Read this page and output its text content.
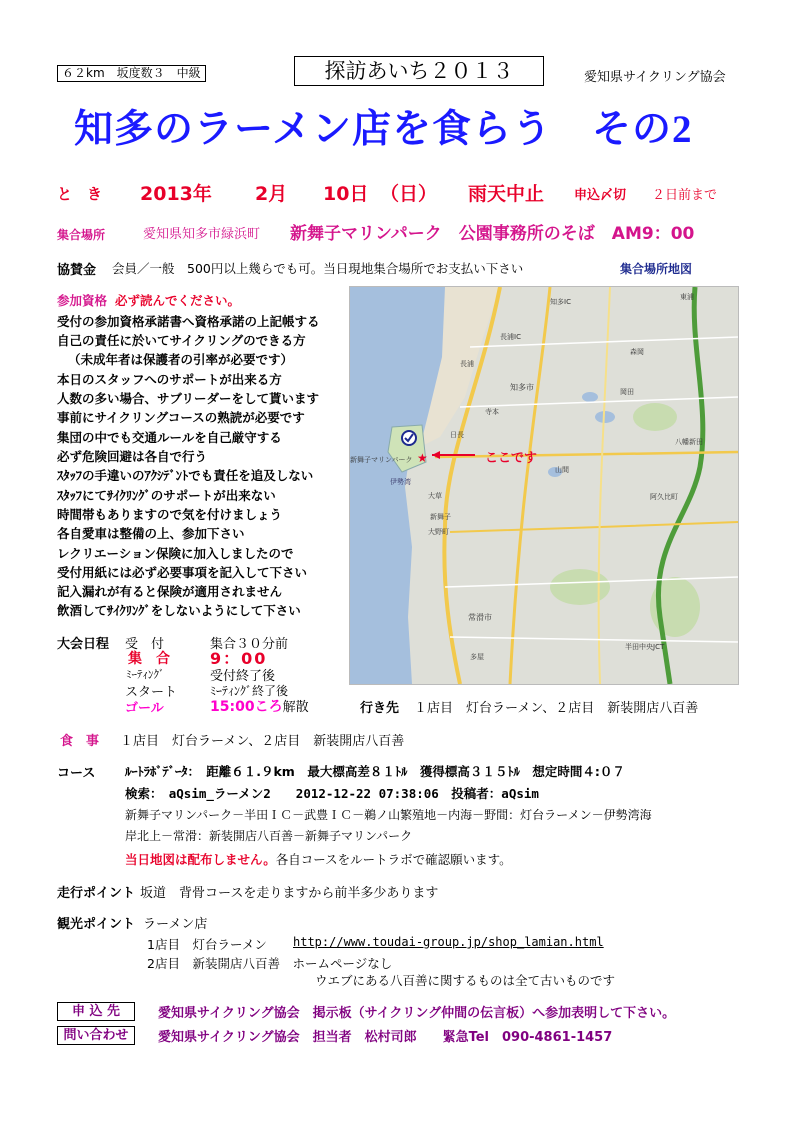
６２km　坂度数３　中級	探訪あいち２０１３	愛知県サイクリング協会
知多のラーメン店を食らう　その2
と　き 2013年 2月 10日 （日） 雨天中止 申込〆切 ２日前まで
集合場所	愛知県知多市緑浜町 新舞子マリンパーク　公園事務所のそば　AM9：00
協賛金 会員／一般　500円以上幾らでも可。当日現地集合場所でお支払い下さい	集合場所地図
参加資格 必ず読んでください。
受付の参加資格承諾書へ資格承諾の上記帳する
自己の責任に於いてサイクリングのできる方
（未成年者は保護者の引率が必要です）
本日のスタッフへのサポートが出来る方
人数の多い場合、サブリーダーをして貰います
事前にサイクリングコースの熟読が必要です
集団の中でも交通ルールを自己厳守する
必ず危険回避は各自で行う
ｽﾀｯﾌの手違いのｱｸｼﾃﾞﾝﾄでも責任を追及しない
ｽﾀｯﾌにてｻｲｸﾘﾝｸﾞのサポートが出来ない
時間帯もありますので気を付けましょう
各自愛車は整備の上、参加下さい
レクリエーション保険に加入しましたので
受付用紙には必ず必要事項を記入して下さい
記入漏れが有ると保険が適用されません
飲酒してｻｲｸﾘﾝｸﾞをしないようにして下さい
★	ここです
新舞子マリンパーク
伊勢湾
知多市
日長
長浦
大草
寺本
新舞子
大野町
常滑市
多屋
山間
阿久比町
半田中央JCT
八幡新田
知多IC
長浦IC
東浦
森岡
岡田
大会日程 受　付	集合３０分前
集　合	9：00
ﾐｰﾃｨﾝｸﾞ	受付終了後
スタート	ﾐｰﾃｨﾝｸﾞ終了後
ゴール	15:00ころ解散	行き先 １店目　灯台ラーメン、２店目　新装開店八百善
食　事 １店目　灯台ラーメン、２店目　新装開店八百善
コース ﾙｰﾄﾗﾎﾞﾃﾞｰﾀ：　距離６１.９km　最大標高差８１ﾄﾙ　獲得標高３１５ﾄﾙ　想定時間４:０７
検索：　aQsim_ラーメン2　　2012-12-22 07:38:06　投稿者：aQsim
新舞子マリンパーク－半田ＩＣ－武豊ＩＣ－鵜ノ山繁殖地－内海－野間：灯台ラーメン－伊勢湾海
岸北上－常滑：新装開店八百善－新舞子マリンパーク
当日地図は配布しません。各自コースをルートラボで確認願います。
走行ポイント 坂道　背骨コースを走りますから前半多少あります
観光ポイント ラーメン店
1店目　灯台ラーメン http://www.toudai-group.jp/shop_lamian.html
2店目　新装開店八百善　ホームページなし
ウエブにある八百善に関するものは全て古いものです
申 込 先	愛知県サイクリング協会　掲示板（サイクリング仲間の伝言板）へ参加表明して下さい。
問い合わせ	愛知県サイクリング協会　担当者　松村司郎　　緊急Tel　090-4861-1457
